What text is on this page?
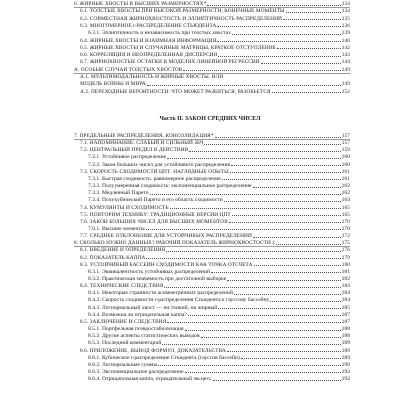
6. ЖИРНЫЕ ХВОСТЫ В ВЫСШИХ РАЗМЕРНОСТЯХ*	134
6.1. ТОЛСТЫЕ ХВОСТЫ ПРИ ВЫСОКОЙ РАЗМЕРНОСТИ, КОНЕЧНЫЕ МОМЕНТЫ	134
6.2. СОВМЕСТНАЯ ЖИРНОХВОСТОСТЬ И ЭЛЛИПТИЧНОСТЬ РАСПРЕДЕЛЕНИЙ	135
6.3. МНОГОМЕРНОЕ t-РАСПРЕДЕЛЕНИЕ СТЬЮДЕНТА	136
6.3.1. Эллиптичность и независимость при толстых хвостах	139
6.4. ЖИРНЫЕ ХВОСТЫ И ВЗАИМНАЯ ИНФОРМАЦИЯ	140
6.5. ЖИРНЫЕ ХВОСТЫ И СЛУЧАЙНЫЕ МАТРИЦЫ, КРАТКОЕ ОТСТУПЛЕНИЕ	142
6.6. КОРРЕЛЯЦИЯ И НЕОПРЕДЕЛЕННАЯ ДИСПЕРСИЯ	143
6.7. ЖИРНОХВОСТЫЕ ОСТАТКИ В МОДЕЛЯХ ЛИНЕЙНОЙ РЕГРЕССИИ	144
A. ОСОБЫЕ СЛУЧАИ ТОЛСТЫХ ХВОСТОВ	149
A.1. МУЛЬТИМОДАЛЬНОСТЬ И ЖИРНЫЕ ХВОСТЫ, ИЛИ
МОДЕЛЬ ВОЙНЫ И МИРА	149
A.2. ПЕРЕХОДНЫЕ ВЕРОЯТНОСТИ: ЧТО МОЖЕТ РАЗБИТЬСЯ, РАЗОБЬЕТСЯ	152
Часть II. ЗАКОН СРЕДНИХ ЧИСЕЛ
7. ПРЕДЕЛЬНЫЕ РАСПРЕДЕЛЕНИЯ, КОНСОЛИДАЦИЯ*	157
7.1. НАПОМИНАНИЕ: СЛАБЫЙ И СИЛЬНЫЙ ЗБЧ	157
7.2. ЦЕНТРАЛЬНЫЙ ПРЕДЕЛ В ДЕЙСТВИИ	159
7.2.1. Устойчивое распределение	160
7.2.2. Закон больших чисел для устойчивого распределения	160
7.3. СКОРОСТЬ СХОДИМОСТИ ЦПТ: НАГЛЯДНЫЕ ОПЫТЫ	161
7.3.1. Быстрая сходимость: равномерное распределение	161
7.3.2. Полуумеренная сходимость: экспоненциальное распределение	162
7.3.3. Медленный Парето	162
7.3.4. Полукубический Парето и его область сходимости	164
7.4. КУМУЛЯНТЫ И СХОДИМОСТЬ	165
7.5. ПОВТОРИМ ТЕХНИКУ: ТРАДИЦИОННЫЕ ВЕРСИИ ЦПТ	165
7.6. ЗАКОН БОЛЬШИХ ЧИСЕЛ ДЛЯ ВЫСШИХ МОМЕНТОВ	170
7.6.1. Высшие моменты	170
7.7. СРЕДНЕЕ ОТКЛОНЕНИЕ ДЛЯ УСТОЙЧИВЫХ РАСПРЕДЕЛЕНИЙ	172
8. СКОЛЬКО НУЖНО ДАННЫХ? РАБОЧИЙ ПОКАЗАТЕЛЬ ЖИРНОХВОСТОСТИ ‡	175
8.1. ВВЕДЕНИЕ И ОПРЕДЕЛЕНИЯ	176
8.2. ПОКАЗАТЕЛЬ КАППА	179
8.3. УСТОЙЧИВЫЙ БАССЕЙН СХОДИМОСТИ КАК ТОЧКА ОТСЧЕТА	180
8.3.1. Эквивалентность устойчивых распределений	181
8.3.2. Практическая значимость при достаточной выборке	182
8.4. ТЕХНИЧЕСКИЕ СЛЕДСТВИЯ	184
8.4.1. Некоторые странности асимметричных распределений	184
8.4.2. Скорость сходимости t-распределения Стьюдента к гауссову бассейну	184
8.4.3. Логнормальный хвост — ни тонкий, ни жирный	185
8.4.4. Возможна ли отрицательная каппа?	187
8.5. ЗАКЛЮЧЕНИЕ И СЛЕДСТВИЯ	187
8.5.1. Портфельная псевдостабилизация	188
8.5.2. Другие аспекты статистических выводов	188
8.5.3. Последний комментарий	189
8.6. ПРИЛОЖЕНИЕ, ВЫВОД ФОРМУЛ, ДОКАЗАТЕЛЬСТВА	189
8.6.1. Кубическое t-распределение Стьюдента (гауссов бассейн)	189
8.6.2. Логнормальные суммы	190
8.6.3. Экспоненциальное распределение	192
8.6.4. Отрицательная каппа, отрицательный эксцесс	192
